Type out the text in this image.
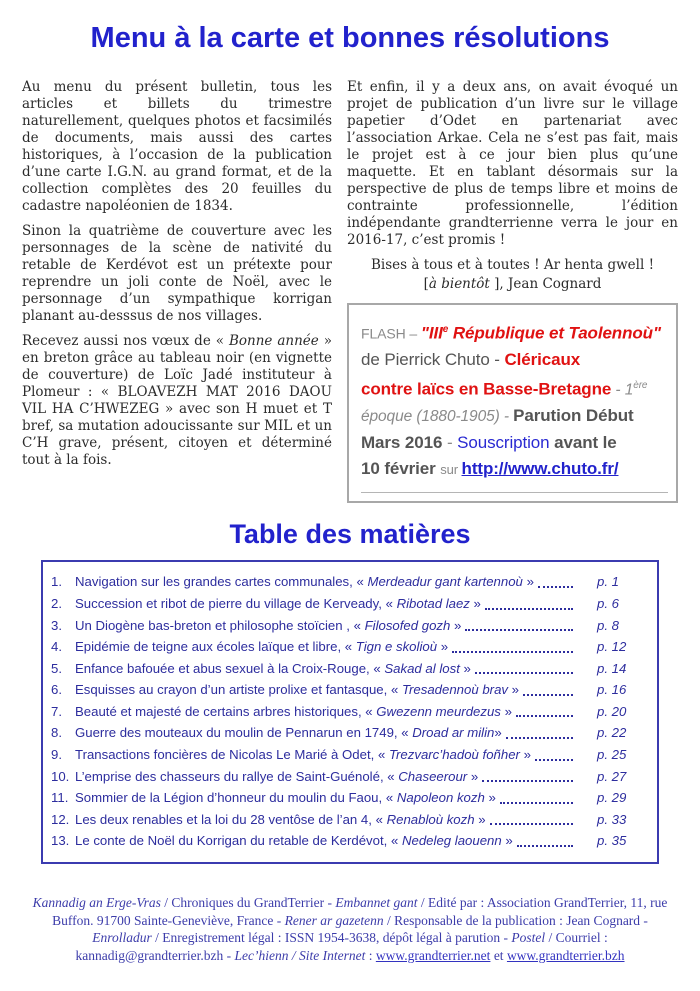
Menu à la carte et bonnes résolutions

Au menu du présent bulletin, tous les articles et billets du trimestre naturellement, quelques photos et facsimilés de documents, mais aussi des cartes historiques, à l’occasion de la publication d’une carte I.G.N. au grand format, et de la collection complètes des 20 feuilles du cadastre napoléonien de 1834.

Sinon la quatrième de couverture avec les personnages de la scène de nativité du retable de Kerdévot est un prétexte pour reprendre un joli conte de Noël, avec le personnage d’un sympathique korrigan planant au-desssus de nos villages.

Recevez aussi nos vœux de « Bonne année » en breton grâce au tableau noir (en vignette de couverture) de Loïc Jadé instituteur à Plomeur : « BLOAVEZH MAT 2016 DAOU VIL HA C’HWEZEG » avec son H muet et T bref, sa mutation adoucissante sur MIL et un C’H grave, présent, citoyen et déterminé tout à la fois.

Et enfin, il y a deux ans, on avait évoqué un projet de publication d’un livre sur le village papetier d’Odet en partenariat avec l’association Arkae. Cela ne s’est pas fait, mais le projet est à ce jour bien plus qu’une maquette. Et en tablant désormais sur la perspective de plus de temps libre et moins de contrainte professionnelle, l’édition indépendante grandterrienne verra le jour en 2016-17, c’est promis !

Bises à tous et à toutes ! Ar henta gwell !

[à bientôt ], Jean Cognard

FLASH – "IIIe République et Taolennoù"
de Pierrick Chuto - Cléricaux
contre laïcs en Basse-Bretagne - 1ère
époque (1880-1905) - Parution Début
Mars 2016 - Souscription avant le
10 février sur http://www.chuto.fr/

Table des matières
1. Navigation sur les grandes cartes communales, « Merdeadur gant kartennoù »	p. 1
2. Succession et ribot de pierre du village de Kerveady, « Ribotad laez »	p. 6
3. Un Diogène bas-breton et philosophe stoïcien , « Filosofed gozh »	p. 8
4. Epidémie de teigne aux écoles laïque et libre, « Tign e skolioù »	p. 12
5. Enfance bafouée et abus sexuel à la Croix-Rouge, « Sakad al lost »	p. 14
6. Esquisses au crayon d’un artiste prolixe et fantasque, « Tresadennoù brav »	p. 16
7. Beauté et majesté de certains arbres historiques, « Gwezenn meurdezus »	p. 20
8. Guerre des mouteaux du moulin de Pennarun en 1749, « Droad ar milin»	p. 22
9. Transactions foncières de Nicolas Le Marié à Odet, « Trezvarc’hadoù foñher »	p. 25
10. L’emprise des chasseurs du rallye de Saint-Guénolé, « Chaseerour »	p. 27
11. Sommier de la Légion d’honneur du moulin du Faou, « Napoleon kozh »	p. 29
12. Les deux renables et la loi du 28 ventôse de l’an 4, « Renabloù kozh »	p. 33
13. Le conte de Noël du Korrigan du retable de Kerdévot, « Nedeleg laouenn »	p. 35

Kannadig an Erge-Vras / Chroniques du GrandTerrier - Embannet gant / Edité par : Association GrandTerrier, 11, rue Buffon. 91700 Sainte-Geneviève, France - Rener ar gazetenn / Responsable de la publication : Jean Cognard - Enrolladur / Enregistrement légal : ISSN 1954-3638, dépôt légal à parution - Postel / Courriel : kannadig@grandterrier.bzh - Lec’hienn / Site Internet : www.grandterrier.net et www.grandterrier.bzh
